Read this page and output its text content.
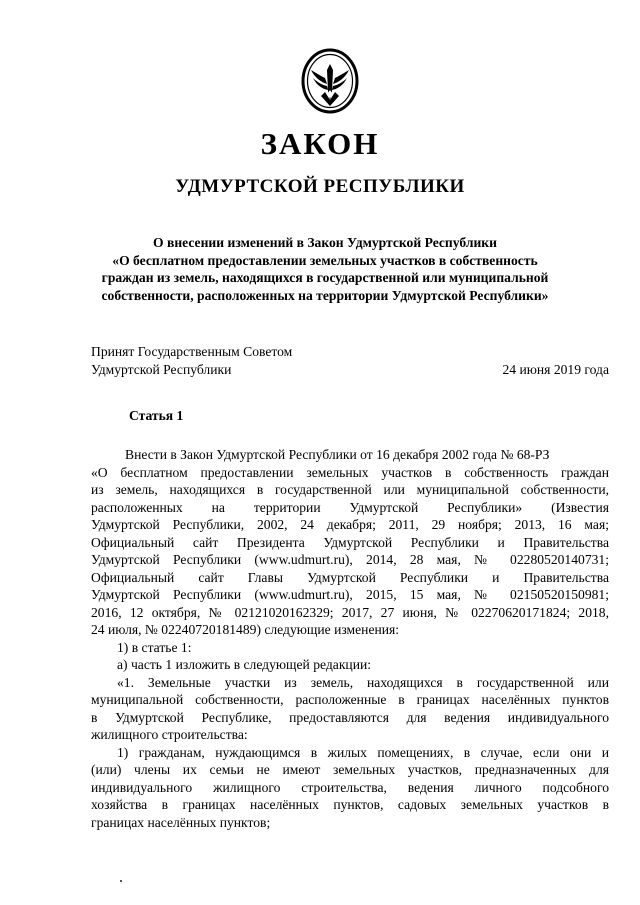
ЗАКОН
УДМУРТСКОЙ РЕСПУБЛИКИ
О внесении изменений в Закон Удмуртской Республики
«О бесплатном предоставлении земельных участков в собственность
граждан из земель, находящихся в государственной или муниципальной
собственности, расположенных на территории Удмуртской Республики»
Принят Государственным Советом
Удмуртской Республики	24 июня 2019 года
Статья 1
Внести в Закон Удмуртской Республики от 16 декабря 2002 года № 68-РЗ
«О бесплатном предоставлении земельных участков в собственность граждан
из земель, находящихся в государственной или муниципальной собственности,
расположенных на территории Удмуртской Республики» (Известия
Удмуртской Республики, 2002, 24 декабря; 2011, 29 ноября; 2013, 16 мая;
Официальный сайт Президента Удмуртской Республики и Правительства
Удмуртской Республики (www.udmurt.ru), 2014, 28 мая, № 02280520140731;
Официальный сайт Главы Удмуртской Республики и Правительства
Удмуртской Республики (www.udmurt.ru), 2015, 15 мая, № 02150520150981;
2016, 12 октября, № 02121020162329; 2017, 27 июня, № 02270620171824; 2018,
24 июля, № 02240720181489) следующие изменения:
1) в статье 1:
а) часть 1 изложить в следующей редакции:
«1. Земельные участки из земель, находящихся в государственной или
муниципальной собственности, расположенные в границах населённых пунктов
в Удмуртской Республике, предоставляются для ведения индивидуального
жилищного строительства:
1) гражданам, нуждающимся в жилых помещениях, в случае, если они и
(или) члены их семьи не имеют земельных участков, предназначенных для
индивидуального жилищного строительства, ведения личного подсобного
хозяйства в границах населённых пунктов, садовых земельных участков в
границах населённых пунктов;
